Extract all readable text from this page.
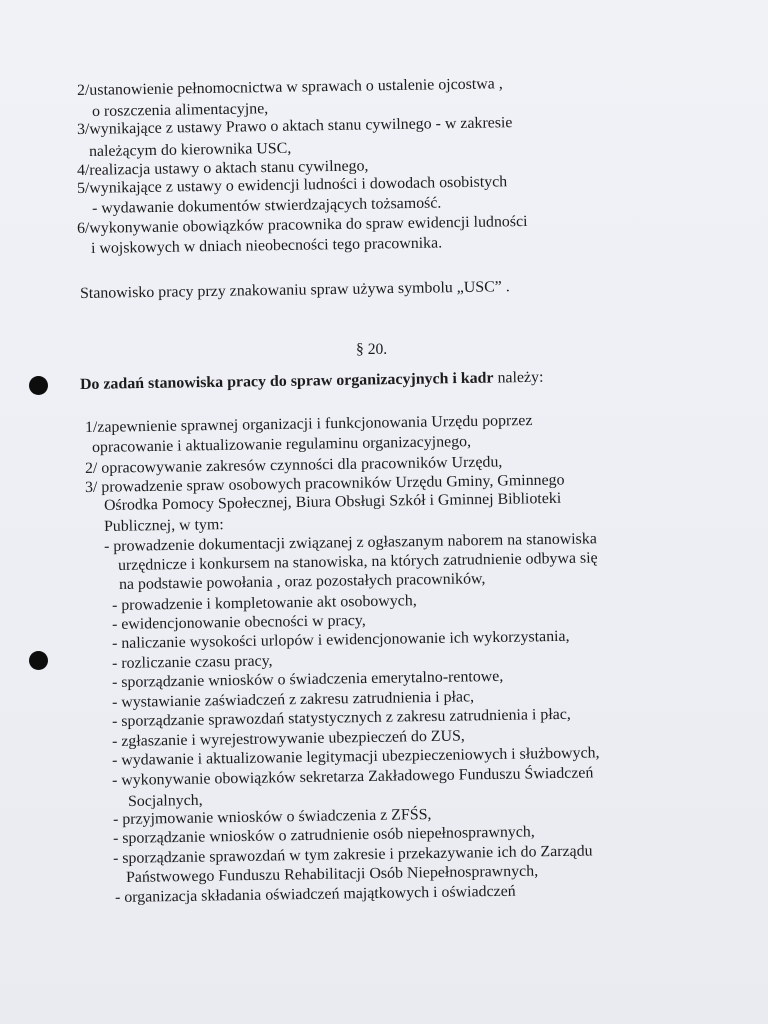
2/ustanowienie pełnomocnictwa w sprawach o ustalenie ojcostwa ,
o roszczenia alimentacyjne,
3/wynikające z ustawy Prawo o aktach stanu cywilnego - w zakresie
należącym do kierownika USC,
4/realizacja ustawy o aktach stanu cywilnego,
5/wynikające z ustawy o ewidencji ludności i dowodach osobistych
- wydawanie dokumentów stwierdzających tożsamość.
6/wykonywanie obowiązków pracownika do spraw ewidencji ludności
i wojskowych w dniach nieobecności tego pracownika.
Stanowisko pracy przy znakowaniu spraw używa symbolu „USC” .
§ 20.
Do zadań stanowiska pracy do spraw organizacyjnych i kadr należy:
1/zapewnienie sprawnej organizacji i funkcjonowania Urzędu poprzez
opracowanie i aktualizowanie regulaminu organizacyjnego,
2/ opracowywanie zakresów czynności dla pracowników Urzędu,
3/ prowadzenie spraw osobowych pracowników Urzędu Gminy, Gminnego
Ośrodka Pomocy Społecznej, Biura Obsługi Szkół i Gminnej Biblioteki
Publicznej, w tym:
- prowadzenie dokumentacji związanej z ogłaszanym naborem na stanowiska
urzędnicze i konkursem na stanowiska, na których zatrudnienie odbywa się
na podstawie powołania , oraz pozostałych pracowników,
- prowadzenie i kompletowanie akt osobowych,
- ewidencjonowanie obecności w pracy,
- naliczanie wysokości urlopów i ewidencjonowanie ich wykorzystania,
- rozliczanie czasu pracy,
- sporządzanie wniosków o świadczenia emerytalno-rentowe,
- wystawianie zaświadczeń z zakresu zatrudnienia i płac,
- sporządzanie sprawozdań statystycznych z zakresu zatrudnienia i płac,
- zgłaszanie i wyrejestrowywanie ubezpieczeń do ZUS,
- wydawanie i aktualizowanie legitymacji ubezpieczeniowych i służbowych,
- wykonywanie obowiązków sekretarza Zakładowego Funduszu Świadczeń
Socjalnych,
- przyjmowanie wniosków o świadczenia z ZFŚS,
- sporządzanie wniosków o zatrudnienie osób niepełnosprawnych,
- sporządzanie sprawozdań w tym zakresie i przekazywanie ich do Zarządu
Państwowego Funduszu Rehabilitacji Osób Niepełnosprawnych,
- organizacja składania oświadczeń majątkowych i oświadczeń
